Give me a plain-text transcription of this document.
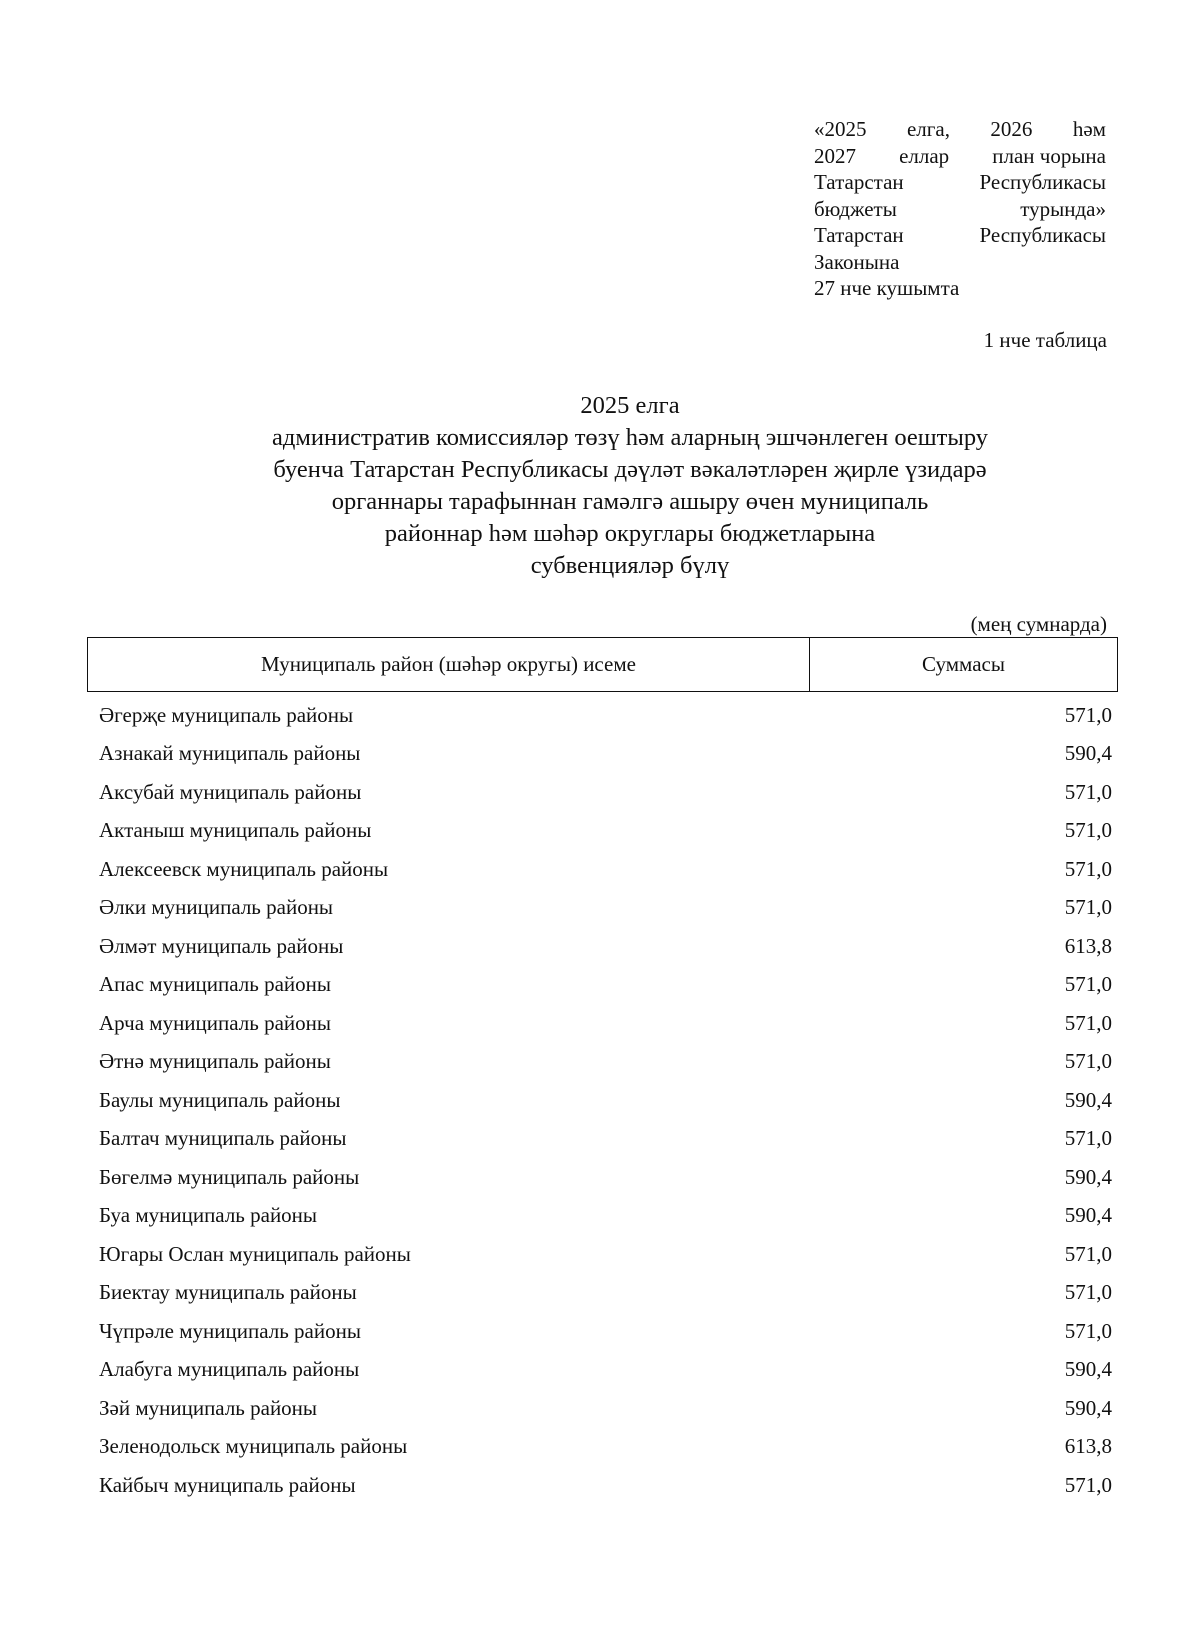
«2025 елга, 2026 һәм
2027 еллар план чорына
Татарстан	Республикасы
бюджеты	турында»
Татарстан	Республикасы
Законына
27 нче кушымта
1 нче таблица
2025 елга
административ комиссияләр төзү һәм аларның эшчәнлеген оештыру
буенча Татарстан Республикасы дәүләт вәкаләтләрен җирле үзидарә
органнары тарафыннан гамәлгә ашыру өчен муниципаль
районнар һәм шәһәр округлары бюджетларына
субвенцияләр бүлү
(мең сумнарда)
Муниципаль район (шәһәр округы) исеме	Суммасы
Әгерҗе муниципаль районы	571,0
Азнакай муниципаль районы	590,4
Аксубай муниципаль районы	571,0
Актаныш муниципаль районы	571,0
Алексеевск муниципаль районы	571,0
Әлки муниципаль районы	571,0
Әлмәт муниципаль районы	613,8
Апас муниципаль районы	571,0
Арча муниципаль районы	571,0
Әтнә муниципаль районы	571,0
Баулы муниципаль районы	590,4
Балтач муниципаль районы	571,0
Бөгелмә муниципаль районы	590,4
Буа муниципаль районы	590,4
Югары Ослан муниципаль районы	571,0
Биектау муниципаль районы	571,0
Чүпрәле муниципаль районы	571,0
Алабуга муниципаль районы	590,4
Зәй муниципаль районы	590,4
Зеленодольск муниципаль районы	613,8
Кайбыч муниципаль районы	571,0
